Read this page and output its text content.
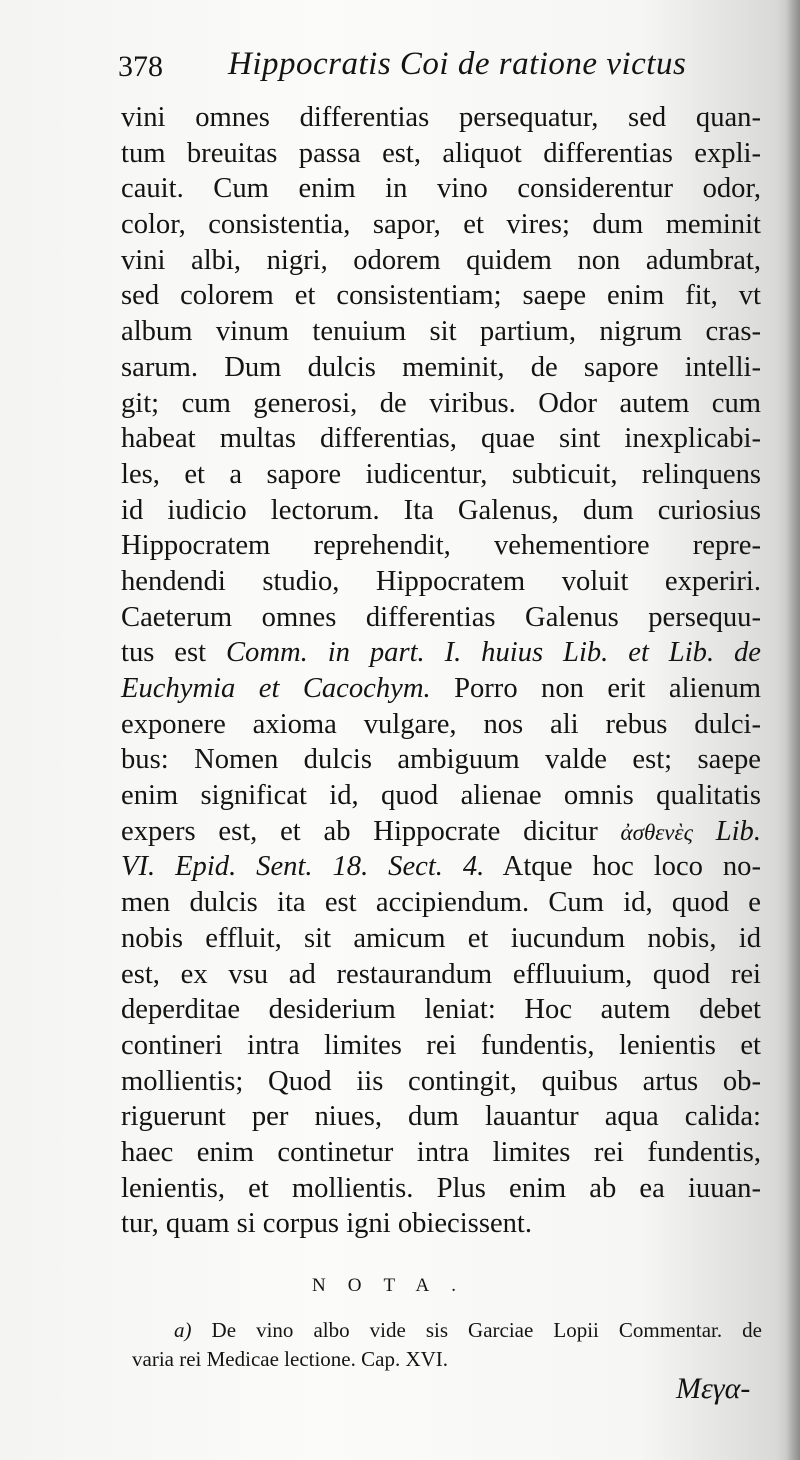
378 Hippocratis Coi de ratione victus
vini omnes differentias persequatur, sed quan-
tum breuitas passa est, aliquot differentias expli-
cauit. Cum enim in vino considerentur odor,
color, consistentia, sapor, et vires; dum meminit
vini albi, nigri, odorem quidem non adumbrat,
sed colorem et consistentiam; saepe enim fit, vt
album vinum tenuium sit partium, nigrum cras-
sarum. Dum dulcis meminit, de sapore intelli-
git; cum generosi, de viribus. Odor autem cum
habeat multas differentias, quae sint inexplicabi-
les, et a sapore iudicentur, subticuit, relinquens
id iudicio lectorum. Ita Galenus, dum curiosius
Hippocratem reprehendit, vehementiore repre-
hendendi studio, Hippocratem voluit experiri.
Caeterum omnes differentias Galenus persequu-
tus est Comm. in part. I. huius Lib. et Lib. de
Euchymia et Cacochym. Porro non erit alienum
exponere axioma vulgare, nos ali rebus dulci-
bus: Nomen dulcis ambiguum valde est; saepe
enim significat id, quod alienae omnis qualitatis
expers est, et ab Hippocrate dicitur ἀσθενὲς Lib.
VI. Epid. Sent. 18. Sect. 4. Atque hoc loco no-
men dulcis ita est accipiendum. Cum id, quod e
nobis effluit, sit amicum et iucundum nobis, id
est, ex vsu ad restaurandum effluuium, quod rei
deperditae desiderium leniat: Hoc autem debet
contineri intra limites rei fundentis, lenientis et
mollientis; Quod iis contingit, quibus artus ob-
riguerunt per niues, dum lauantur aqua calida:
haec enim continetur intra limites rei fundentis,
lenientis, et mollientis. Plus enim ab ea iuuan-
tur, quam si corpus igni obiecissent.
NOTA.
a) De vino albo vide sis Garciae Lopii Commentar. de
varia rei Medicae lectione. Cap. XVI.
Μεγα-
